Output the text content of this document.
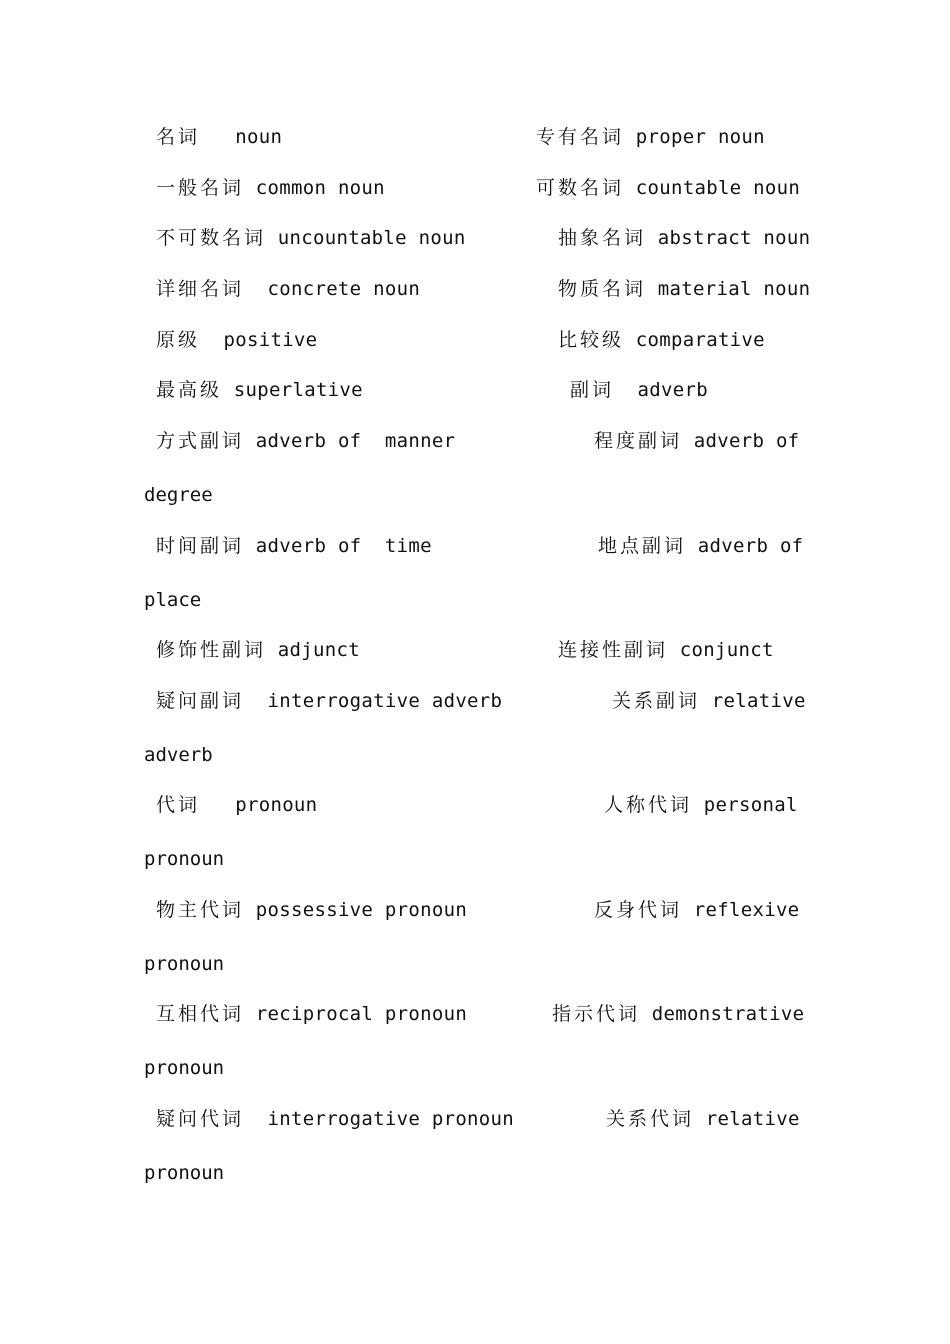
名词 noun	专有名词 proper noun
一般名词 common noun	可数名词 countable noun
不可数名词 uncountable noun	抽象名词 abstract noun
详细名词 concrete noun	物质名词 material noun
原级 positive	比较级 comparative
最高级 superlative	副词 adverb
方式副词 adverb of  manner	程度副词 adverb of
degree
时间副词 adverb of  time	地点副词 adverb of
place
修饰性副词 adjunct	连接性副词 conjunct
疑问副词 interrogative adverb	关系副词 relative
adverb
代词 pronoun	人称代词 personal
pronoun
物主代词 possessive pronoun	反身代词 reflexive
pronoun
互相代词 reciprocal pronoun	指示代词 demonstrative
pronoun
疑问代词 interrogative pronoun	关系代词 relative
pronoun
